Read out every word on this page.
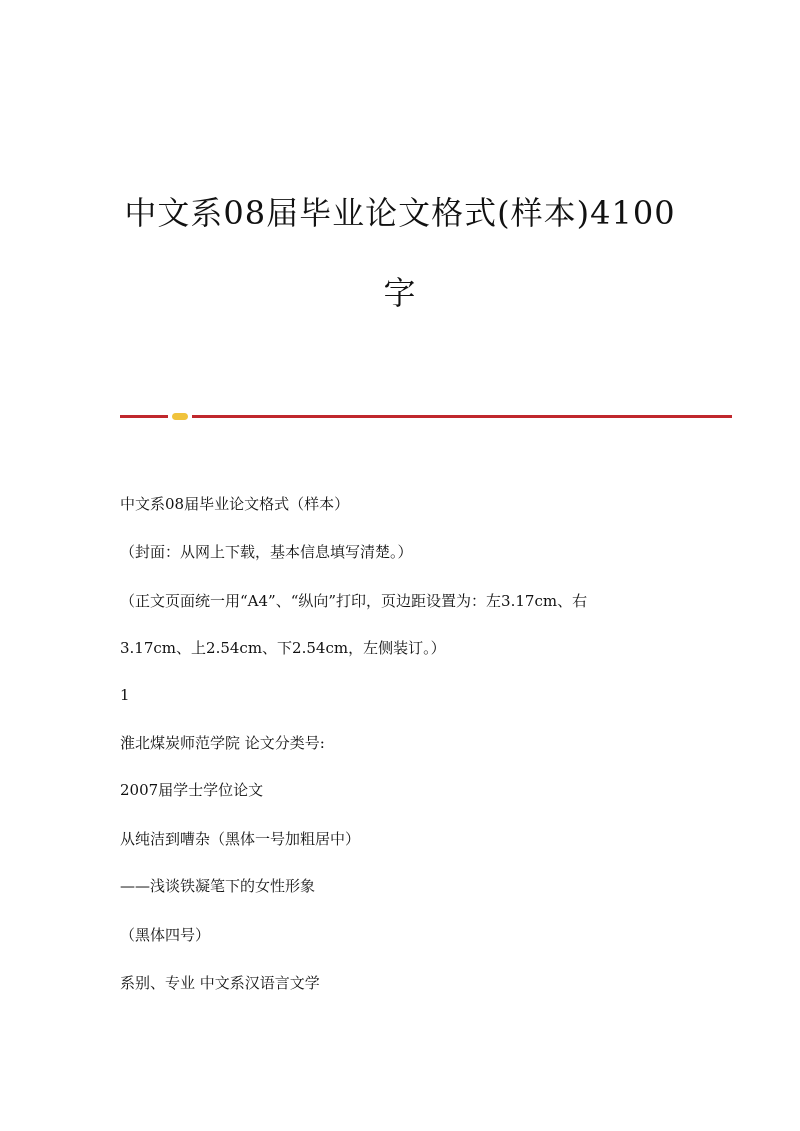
中文系08届毕业论文格式(样本)4100
字

中文系08届毕业论文格式（样本）

（封面：从网上下载，基本信息填写清楚。）

（正文页面统一用“A4”、“纵向”打印，页边距设置为：左3.17cm、右

3.17cm、上2.54cm、下2.54cm，左侧装订。）

1

淮北煤炭师范学院 论文分类号:

2007届学士学位论文

从纯洁到嘈杂（黑体一号加粗居中）

——浅谈铁凝笔下的女性形象

（黑体四号）

系别、专业 中文系汉语言文学
